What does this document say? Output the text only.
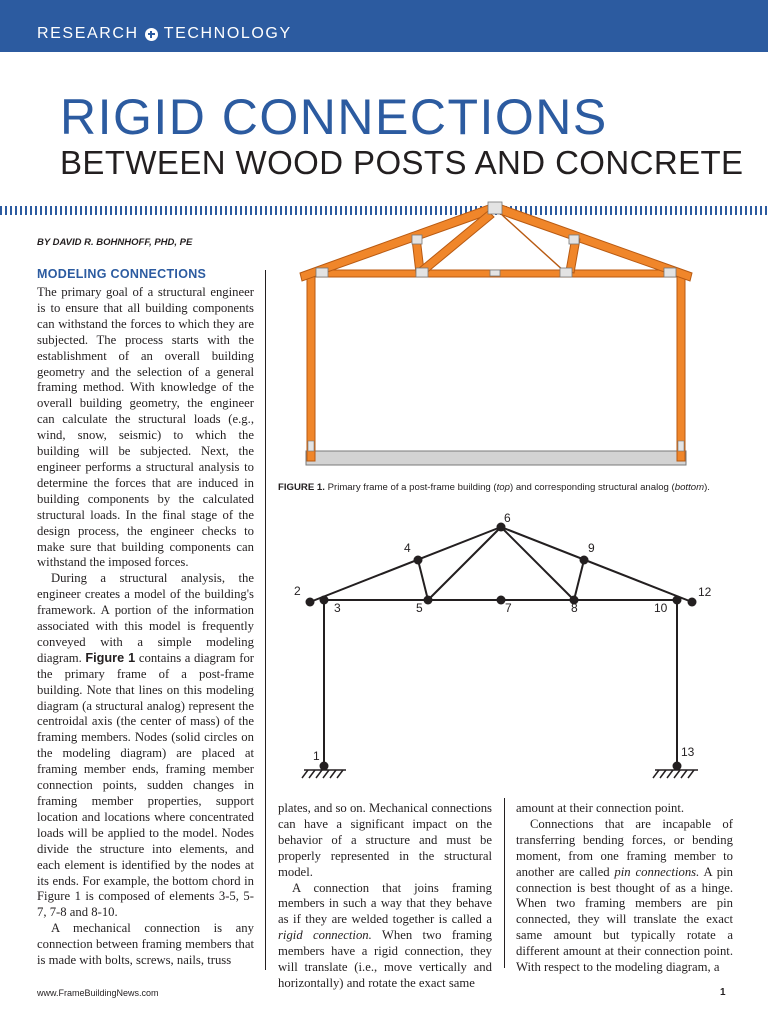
RESEARCH TECHNOLOGY
RIGID CONNECTIONS
BETWEEN WOOD POSTS AND CONCRETE
BY DAVID R. BOHNHOFF, PHD, PE
MODELING CONNECTIONS

The primary goal of a structural engineer is to ensure that all building components can withstand the forces to which they are subjected. The process starts with the establishment of an overall building geometry and the selection of a general framing method. With knowledge of the overall building geometry, the engineer can calculate the structural loads (e.g., wind, snow, seismic) to which the building will be subjected. Next, the engineer performs a structural analysis to determine the forces that are induced in building components by the calculated structural loads. In the final stage of the design process, the engineer checks to make sure that building components can withstand the imposed forces.

During a structural analysis, the engineer creates a model of the building's framework. A portion of the information associated with this model is frequently conveyed with a simple modeling diagram. Figure 1 contains a diagram for the primary frame of a post-frame building. Note that lines on this modeling diagram (a structural analog) represent the centroidal axis (the center of mass) of the framing members. Nodes (solid circles on the modeling diagram) are placed at framing member ends, framing member connection points, sudden changes in framing member properties, support location and locations where concentrated loads will be applied to the model. Nodes divide the structure into elements, and each element is identified by the nodes at its ends. For example, the bottom chord in Figure 1 is composed of elements 3-5, 5-7, 7-8 and 8-10.

A mechanical connection is any connection between framing members that is made with bolts, screws, nails, truss

FIGURE 1. Primary frame of a post-frame building (top) and corresponding structural analog (bottom).
1
2
3
4
5
6
7	8
9
10
12
13

plates, and so on. Mechanical connections can have a significant impact on the behavior of a structure and must be properly represented in the structural model.

A connection that joins framing members in such a way that they behave as if they are welded together is called a rigid connection. When two framing members have a rigid connection, they will translate (i.e., move vertically and horizontally) and rotate the exact same

amount at their connection point.

Connections that are incapable of transferring bending forces, or bending moment, from one framing member to another are called pin connections. A pin connection is best thought of as a hinge. When two framing members are pin connected, they will translate the exact same amount but typically rotate a different amount at their connection point. With respect to the modeling diagram, a

www.FrameBuildingNews.com	1
